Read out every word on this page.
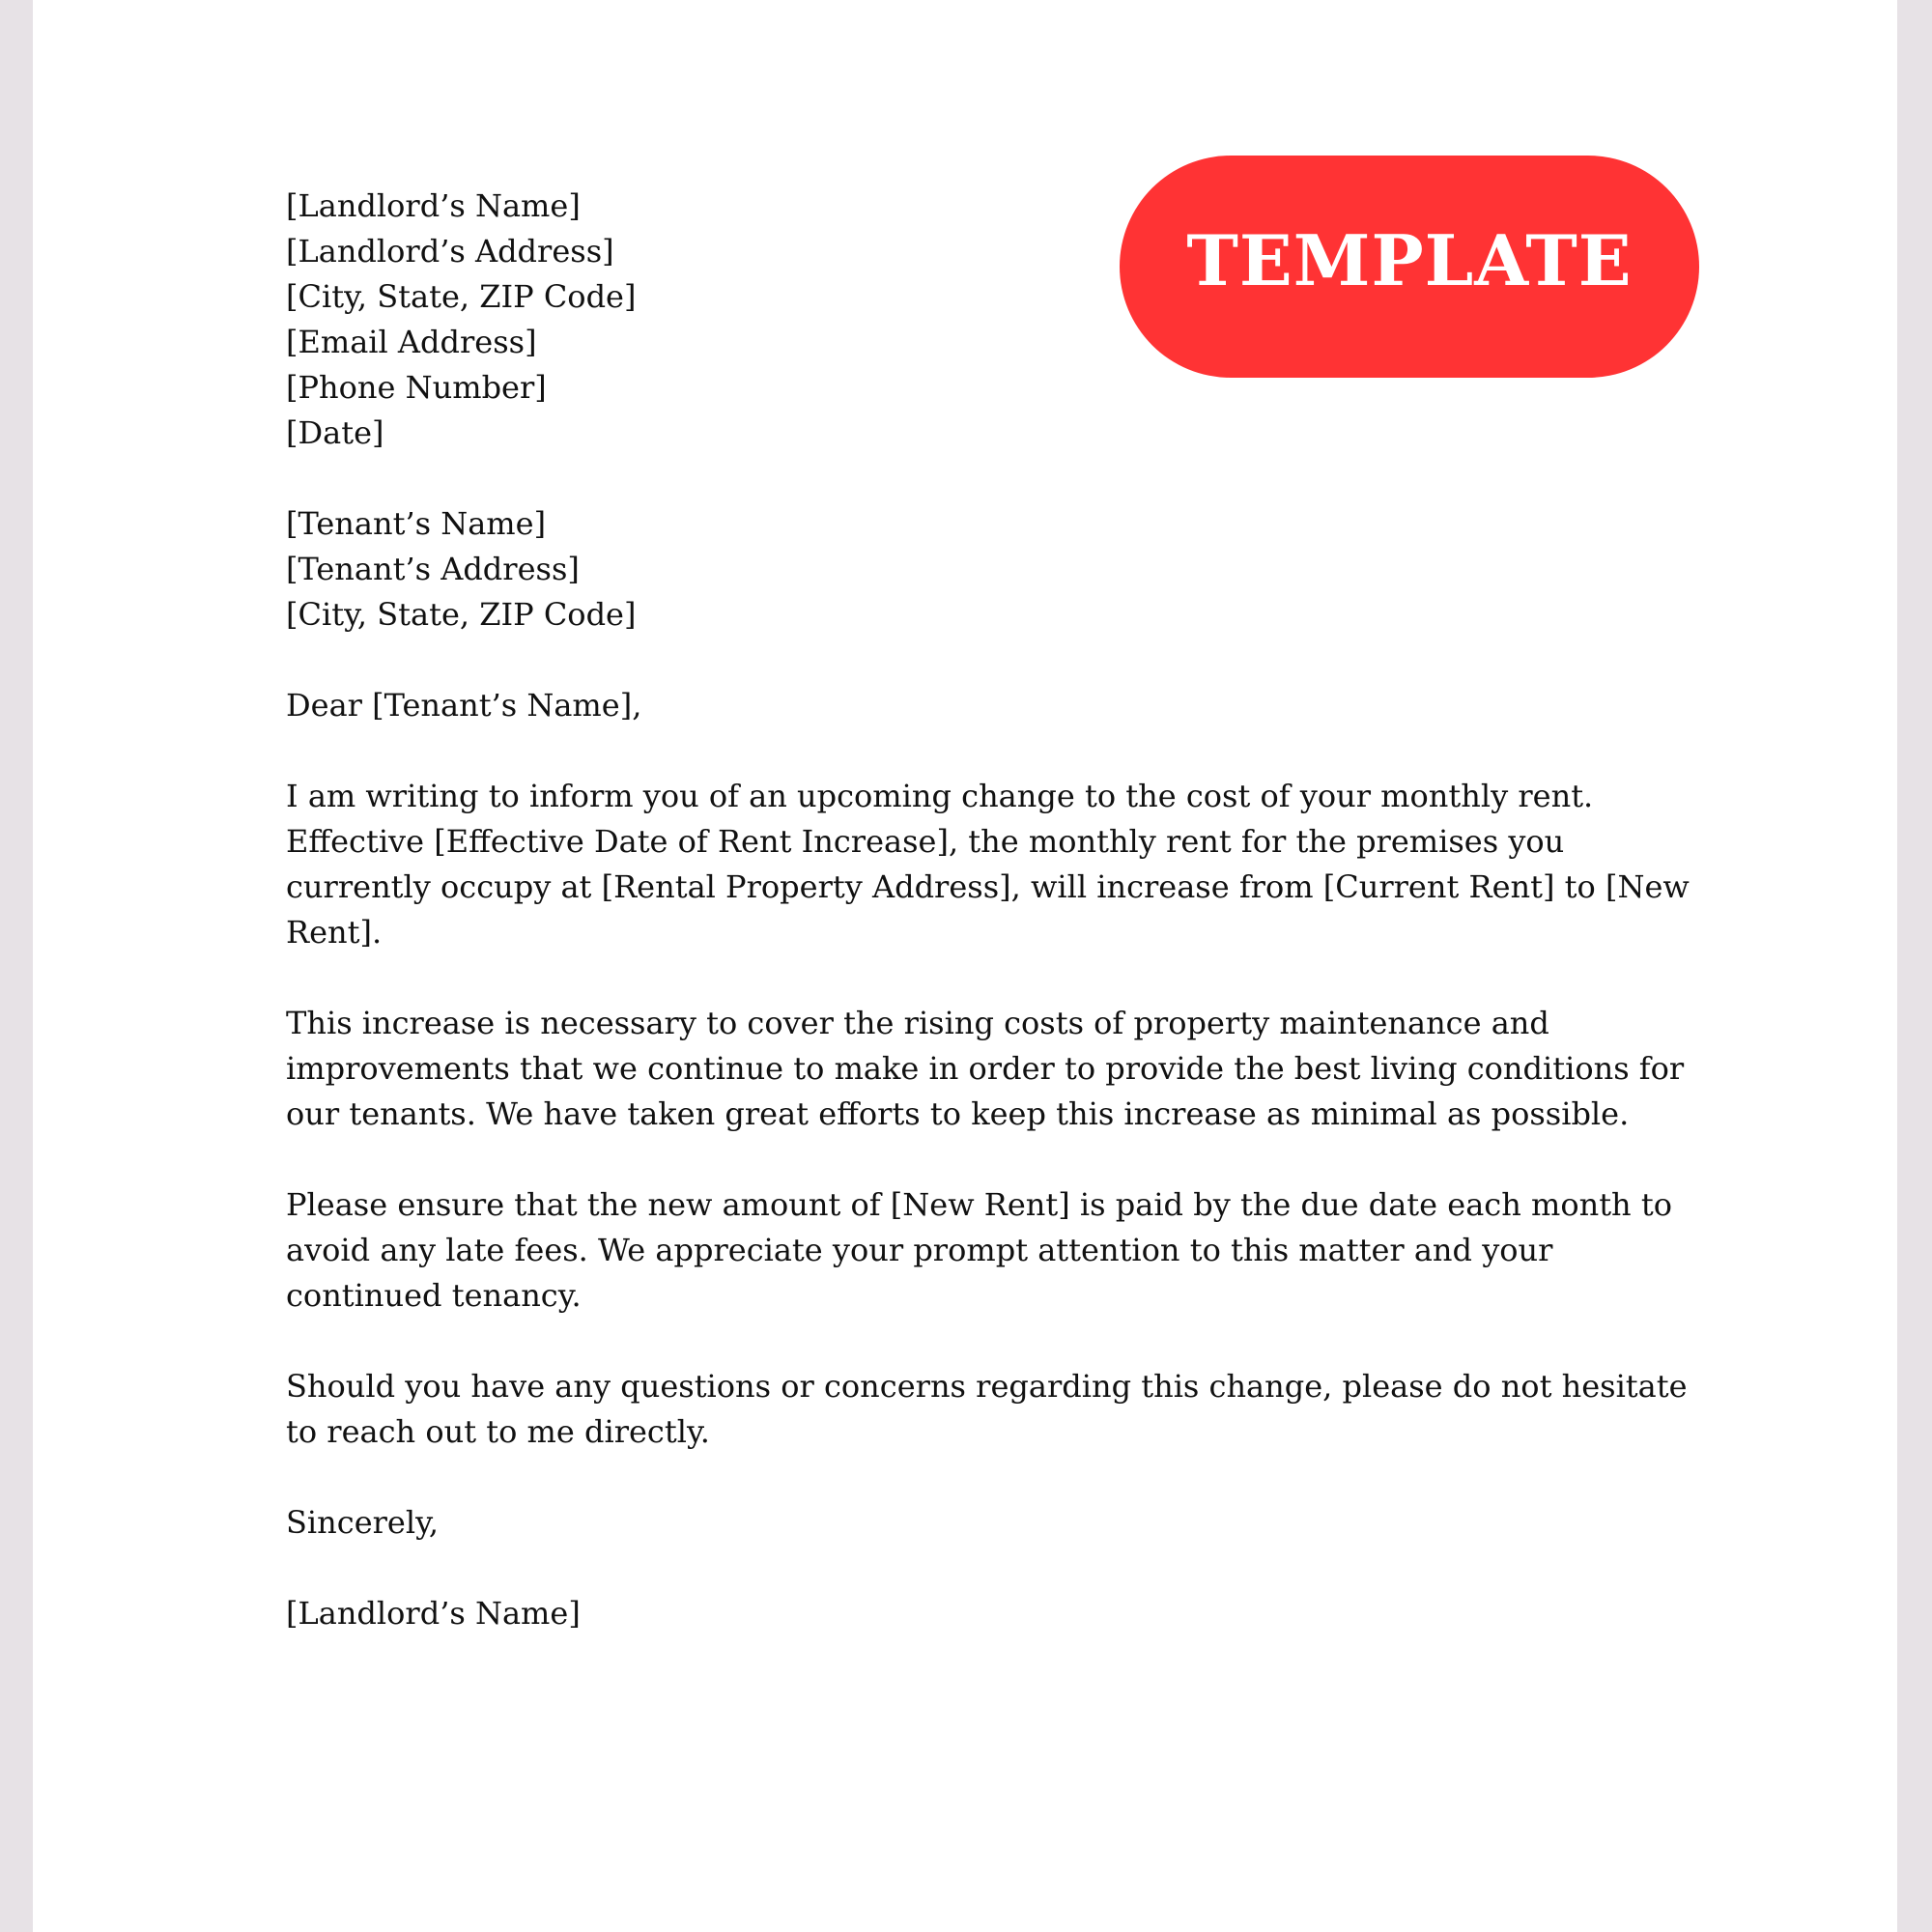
TEMPLATE
[Landlord’s Name]
[Landlord’s Address]
[City, State, ZIP Code]
[Email Address]
[Phone Number]
[Date]
[Tenant’s Name]
[Tenant’s Address]
[City, State, ZIP Code]
Dear [Tenant’s Name],

I am writing to inform you of an upcoming change to the cost of your monthly rent. Effective [Effective Date of Rent Increase], the monthly rent for the premises you currently occupy at [Rental Property Address], will increase from [Current Rent] to [New Rent].

This increase is necessary to cover the rising costs of property maintenance and improvements that we continue to make in order to provide the best living conditions for our tenants. We have taken great efforts to keep this increase as minimal as possible.

Please ensure that the new amount of [New Rent] is paid by the due date each month to avoid any late fees. We appreciate your prompt attention to this matter and your continued tenancy.

Should you have any questions or concerns regarding this change, please do not hesitate to reach out to me directly.

Sincerely,
[Landlord’s Name]
